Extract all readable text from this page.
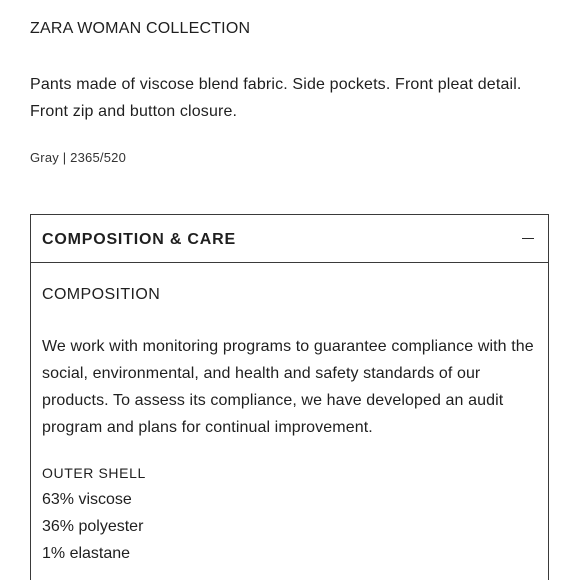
ZARA WOMAN COLLECTION
Pants made of viscose blend fabric. Side pockets. Front pleat detail. Front zip and button closure.
Gray | 2365/520
COMPOSITION & CARE
COMPOSITION
We work with monitoring programs to guarantee compliance with the social, environmental, and health and safety standards of our products. To assess its compliance, we have developed an audit program and plans for continual improvement.
OUTER SHELL
63% viscose
36% polyester
1% elastane
